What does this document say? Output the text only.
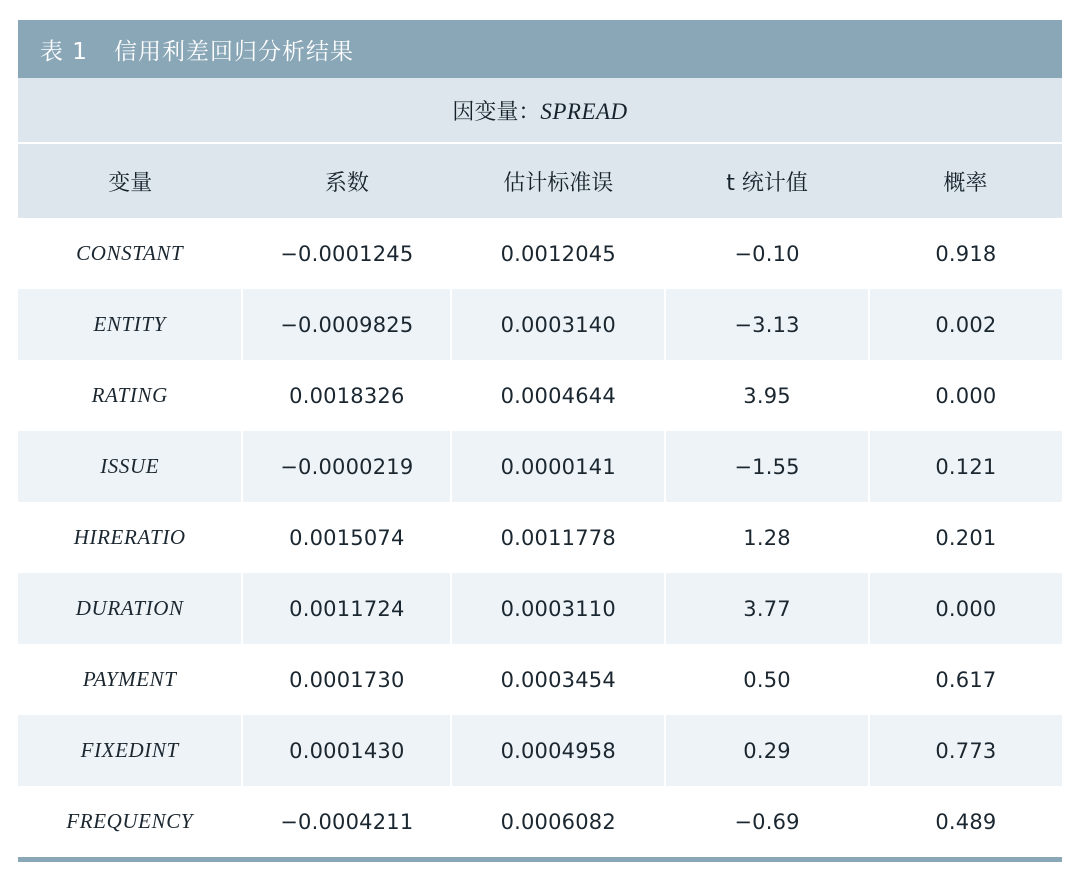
表 1 信用利差回归分析结果
因变量：SPREAD				

变量	系数	估计标准误	t 统计值	概率
CONSTANT	−0.0001245	0.0012045	−0.10	0.918
ENTITY	−0.0009825	0.0003140	−3.13	0.002
RATING	0.0018326	0.0004644	3.95	0.000
ISSUE	−0.0000219	0.0000141	−1.55	0.121
HIRERATIO	0.0015074	0.0011778	1.28	0.201
DURATION	0.0011724	0.0003110	3.77	0.000
PAYMENT	0.0001730	0.0003454	0.50	0.617
FIXEDINT	0.0001430	0.0004958	0.29	0.773
FREQUENCY	−0.0004211	0.0006082	−0.69	0.489
